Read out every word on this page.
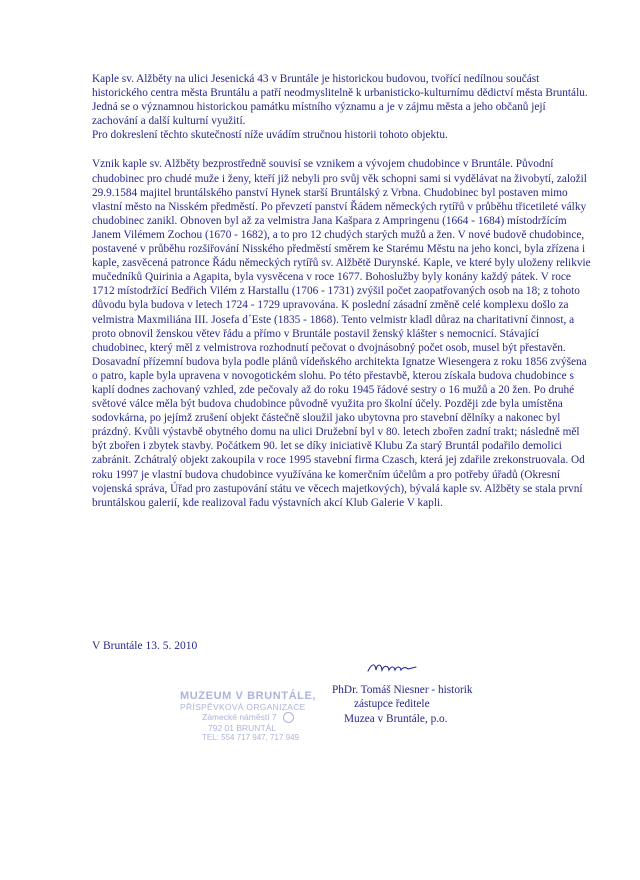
Kaple sv. Alžběty na ulici Jesenická 43 v Bruntále je historickou budovou, tvořící nedílnou součást historického centra města Bruntálu a patří neodmyslitelně k urbanisticko-kulturnímu dědictví města Bruntálu. Jedná se o významnou historickou památku místního významu a je v zájmu města a jeho občanů její zachování a další kulturní využití.
Pro dokreslení těchto skutečností níže uvádím stručnou historii tohoto objektu.

Vznik kaple sv. Alžběty bezprostředně souvisí se vznikem a vývojem chudobince v Bruntále. Původní chudobinec pro chudé muže i ženy, kteří již nebyli pro svůj věk schopni sami si vydělávat na živobytí, založil 29.9.1584 majitel bruntálského panství Hynek starší Bruntálský z Vrbna. Chudobinec byl postaven mimo vlastní město na Nisském předměstí. Po převzetí panství Řádem německých rytířů v průběhu třicetileté války chudobinec zanikl. Obnoven byl až za velmistra Jana Kašpara z Ampringenu (1664 - 1684) místodržícím Janem Vilémem Zochou (1670 - 1682), a to pro 12 chudých starých mužů a žen. V nové budově chudobince, postavené v průběhu rozšiřování Nisského předměstí směrem ke Starému Městu na jeho konci, byla zřízena i kaple, zasvěcená patronce Řádu německých rytířů sv. Alžbětě Durynské. Kaple, ve které byly uloženy relikvie mučedníků Quirinia a Agapita, byla vysvěcena v roce 1677. Bohoslužby byly konány každý pátek. V roce 1712 místodržící Bedřich Vilém z Harstallu (1706 - 1731) zvýšil počet zaopatřovaných osob na 18; z tohoto důvodu byla budova v letech 1724 - 1729 upravována. K poslední zásadní změně celé komplexu došlo za velmistra Maxmiliána III. Josefa d´Este (1835 - 1868). Tento velmistr kladl důraz na charitativní činnost, a proto obnovil ženskou větev řádu a přímo v Bruntále postavil ženský klášter s nemocnicí. Stávající chudobinec, který měl z velmistrova rozhodnutí pečovat o dvojnásobný počet osob, musel být přestavěn. Dosavadní přízemní budova byla podle plánů vídeňského architekta Ignatze Wiesengera z roku 1856 zvýšena o patro, kaple byla upravena v novogotickém slohu. Po této přestavbě, kterou získala budova chudobince s kaplí dodnes zachovaný vzhled, zde pečovaly až do roku 1945 řádové sestry o 16 mužů a 20 žen. Po druhé světové válce měla být budova chudobince původně využita pro školní účely. Později zde byla umístěna sodovkárna, po jejímž zrušení objekt částečně sloužil jako ubytovna pro stavební dělníky a nakonec byl prázdný. Kvůli výstavbě obytného domu na ulici Družební byl v 80. letech zbořen zadní trakt; následně měl být zbořen i zbytek stavby. Počátkem 90. let se díky iniciativě Klubu Za starý Bruntál podařilo demolici zabránit. Zchátralý objekt zakoupila v roce 1995 stavební firma Czasch, která jej zdařile zrekonstruovala. Od roku 1997 je vlastní budova chudobince využívána ke komerčním účelům a pro potřeby úřadů (Okresní vojenská správa, Úřad pro zastupování státu ve věcech majetkových), bývalá kaple sv. Alžběty se stala první bruntálskou galerií, kde realizoval řadu výstavních akcí Klub Galerie V kapli.

V Bruntále 13. 5. 2010
MUZEUM V BRUNTÁLE,
PŘÍSPĚVKOVÁ ORGANIZACE
Zámecké náměstí 7
792 01 BRUNTÁL
TEL: 554 717 947, 717 949
PhDr. Tomáš Niesner - historik
zástupce ředitele
Muzea v Bruntále, p.o.
